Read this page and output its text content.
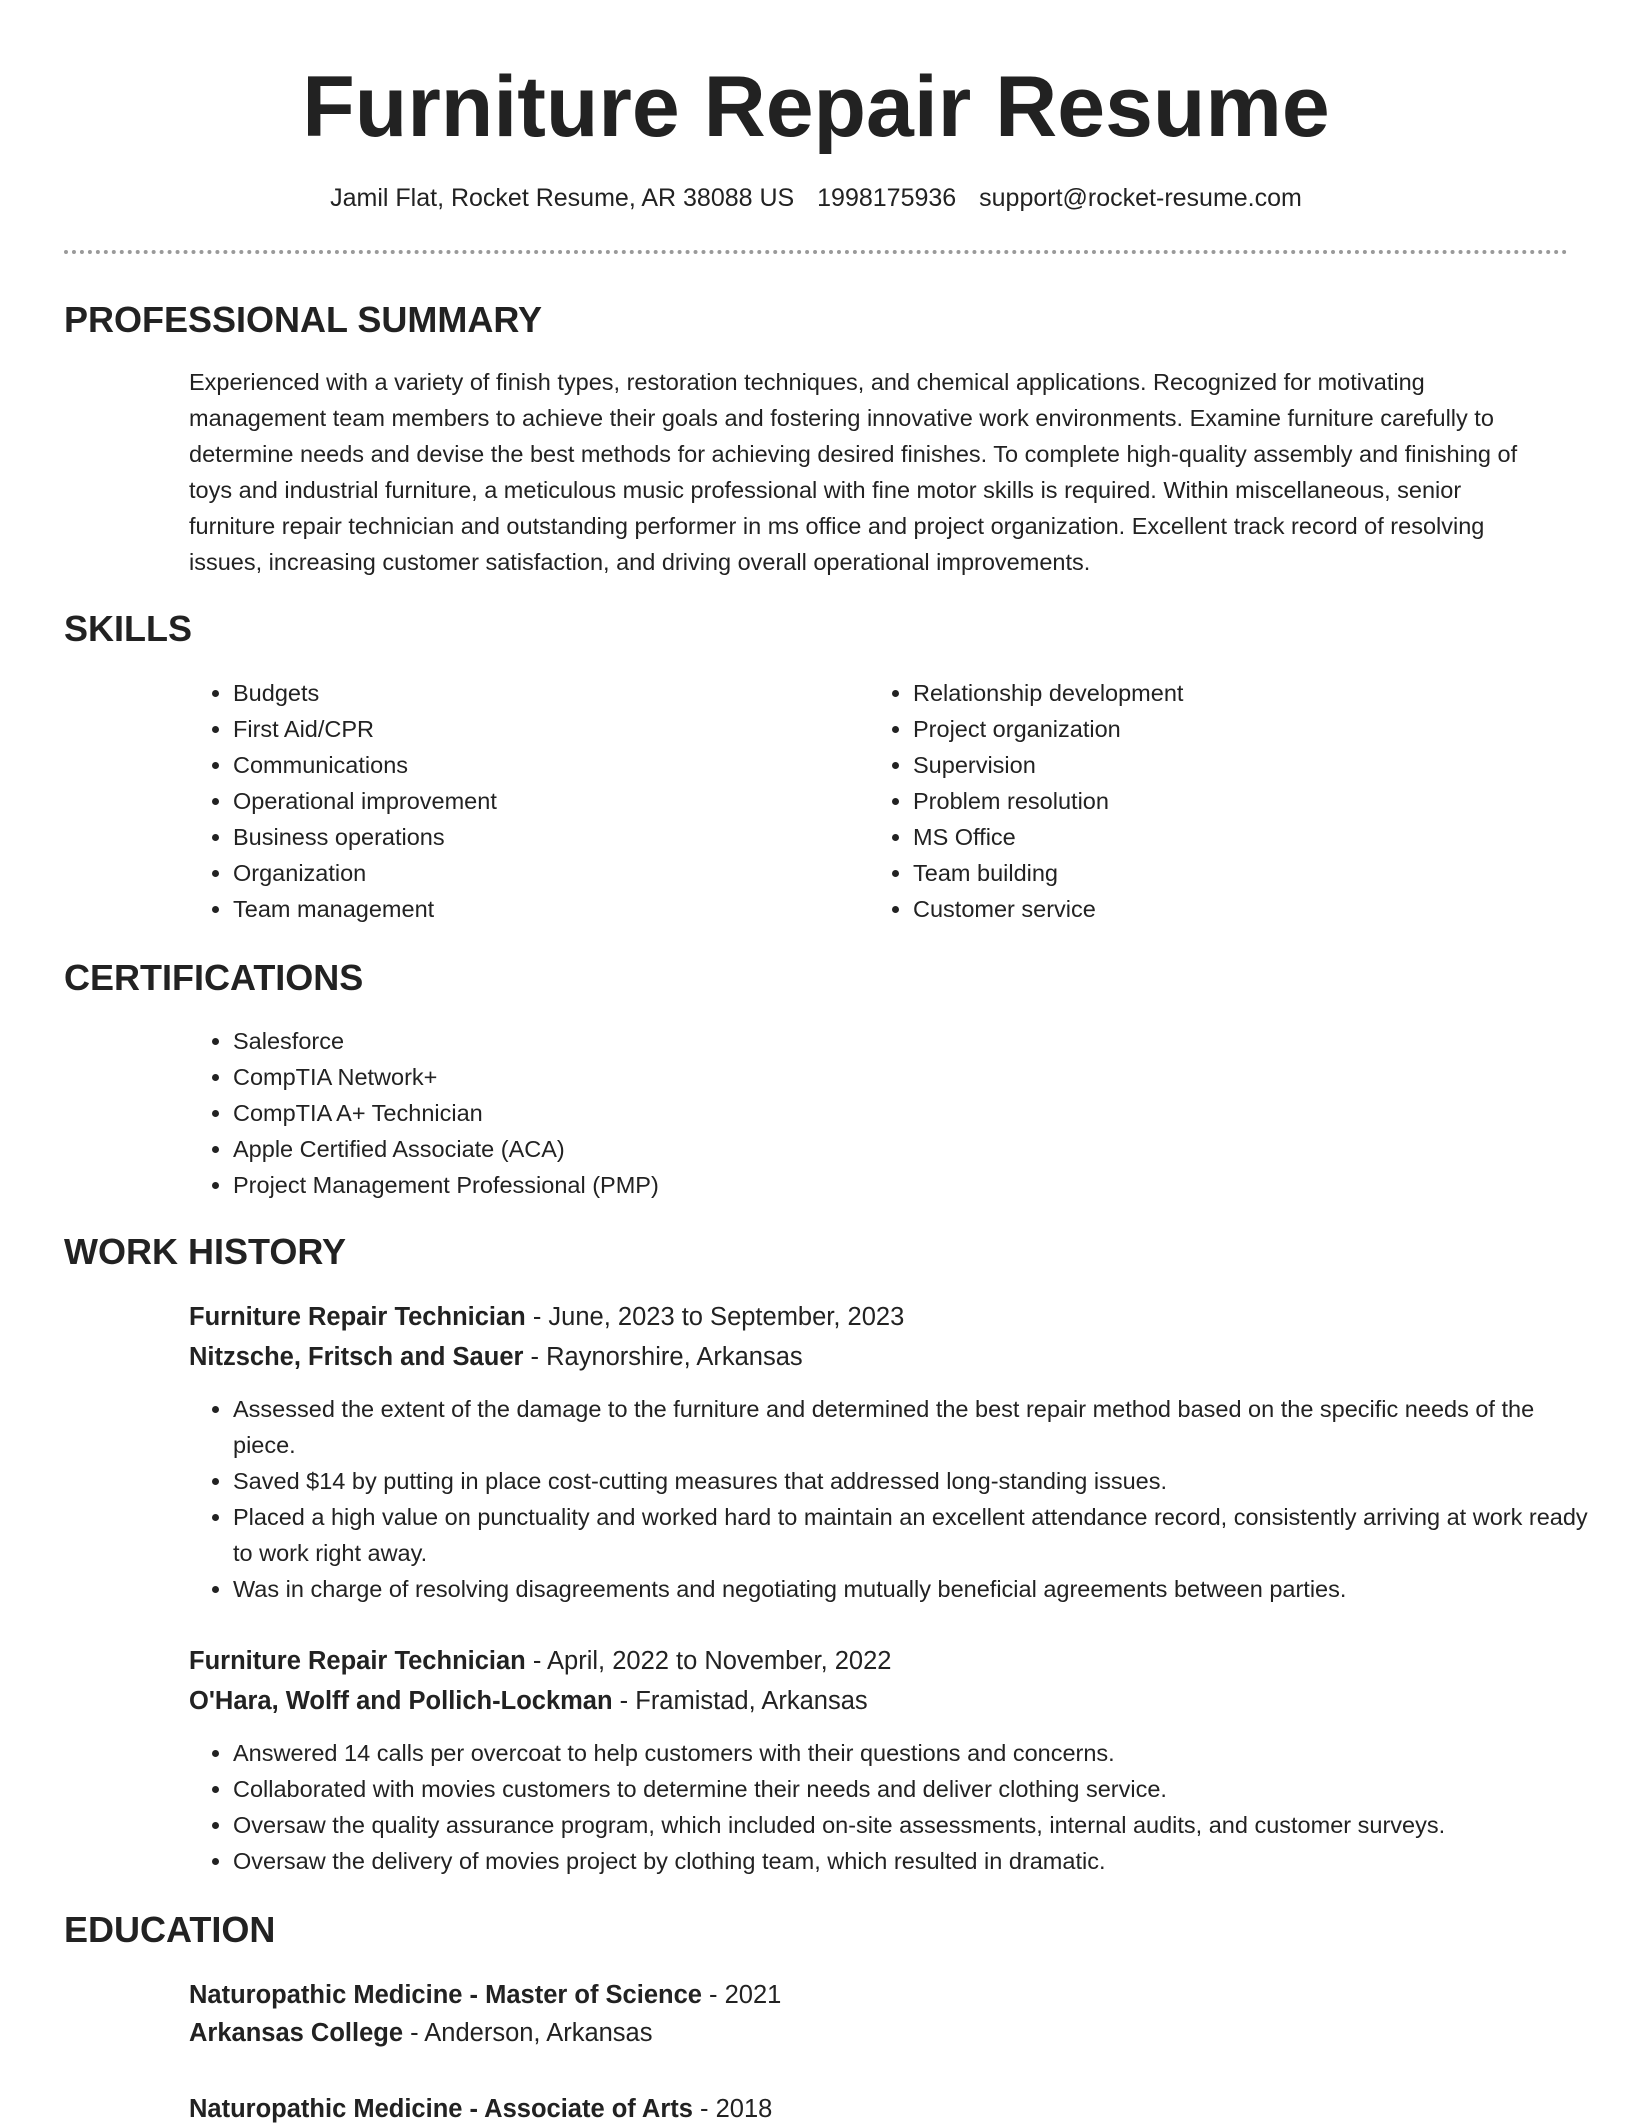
Furniture Repair Resume
Jamil Flat, Rocket Resume, AR 38088 US 1998175936 support@rocket-resume.com
PROFESSIONAL SUMMARY
Experienced with a variety of finish types, restoration techniques, and chemical applications. Recognized for motivating management team members to achieve their goals and fostering innovative work environments. Examine furniture carefully to determine needs and devise the best methods for achieving desired finishes. To complete high-quality assembly and finishing of toys and industrial furniture, a meticulous music professional with fine motor skills is required. Within miscellaneous, senior furniture repair technician and outstanding performer in ms office and project organization. Excellent track record of resolving issues, increasing customer satisfaction, and driving overall operational improvements.
SKILLS
• Budgets
• First Aid/CPR
• Communications
• Operational improvement
• Business operations
• Organization
• Team management
• Relationship development
• Project organization
• Supervision
• Problem resolution
• MS Office
• Team building
• Customer service
CERTIFICATIONS
• Salesforce
• CompTIA Network+
• CompTIA A+ Technician
• Apple Certified Associate (ACA)
• Project Management Professional (PMP)
WORK HISTORY
Furniture Repair Technician - June, 2023 to September, 2023
Nitzsche, Fritsch and Sauer - Raynorshire, Arkansas
• Assessed the extent of the damage to the furniture and determined the best repair method based on the specific needs of the piece.
• Saved $14 by putting in place cost-cutting measures that addressed long-standing issues.
• Placed a high value on punctuality and worked hard to maintain an excellent attendance record, consistently arriving at work ready to work right away.
• Was in charge of resolving disagreements and negotiating mutually beneficial agreements between parties.
Furniture Repair Technician - April, 2022 to November, 2022
O'Hara, Wolff and Pollich-Lockman - Framistad, Arkansas
• Answered 14 calls per overcoat to help customers with their questions and concerns.
• Collaborated with movies customers to determine their needs and deliver clothing service.
• Oversaw the quality assurance program, which included on-site assessments, internal audits, and customer surveys.
• Oversaw the delivery of movies project by clothing team, which resulted in dramatic.
EDUCATION
Naturopathic Medicine - Master of Science - 2021
Arkansas College - Anderson, Arkansas
Naturopathic Medicine - Associate of Arts - 2018
